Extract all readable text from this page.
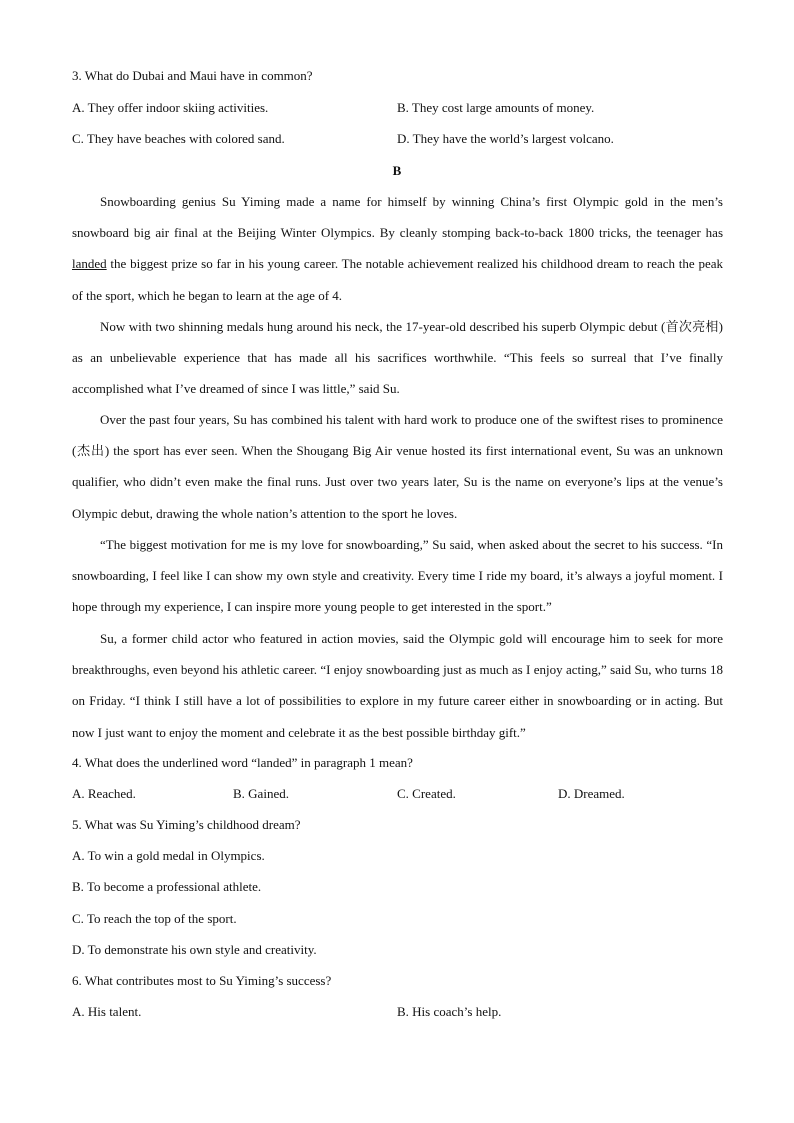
3. What do Dubai and Maui have in common?
A. They offer indoor skiing activities.	B. They cost large amounts of money.
C. They have beaches with colored sand.	D. They have the world’s largest volcano.
B

Snowboarding genius Su Yiming made a name for himself by winning China’s first Olympic gold in the men’s snowboard big air final at the Beijing Winter Olympics. By cleanly stomping back-to-back 1800 tricks, the teenager has landed the biggest prize so far in his young career. The notable achievement realized his childhood dream to reach the peak of the sport, which he began to learn at the age of 4.

Now with two shinning medals hung around his neck, the 17-year-old described his superb Olympic debut (首次亮相) as an unbelievable experience that has made all his sacrifices worthwhile. “This feels so surreal that I’ve finally accomplished what I’ve dreamed of since I was little,” said Su.

Over the past four years, Su has combined his talent with hard work to produce one of the swiftest rises to prominence (杰出) the sport has ever seen. When the Shougang Big Air venue hosted its first international event, Su was an unknown qualifier, who didn’t even make the final runs. Just over two years later, Su is the name on everyone’s lips at the venue’s Olympic debut, drawing the whole nation’s attention to the sport he loves.

“The biggest motivation for me is my love for snowboarding,” Su said, when asked about the secret to his success. “In snowboarding, I feel like I can show my own style and creativity. Every time I ride my board, it’s always a joyful moment. I hope through my experience, I can inspire more young people to get interested in the sport.”

Su, a former child actor who featured in action movies, said the Olympic gold will encourage him to seek for more breakthroughs, even beyond his athletic career. “I enjoy snowboarding just as much as I enjoy acting,” said Su, who turns 18 on Friday. “I think I still have a lot of possibilities to explore in my future career either in snowboarding or in acting. But now I just want to enjoy the moment and celebrate it as the best possible birthday gift.”

4. What does the underlined word “landed” in paragraph 1 mean?
A. Reached.	B. Gained.	C. Created.	D. Dreamed.
5. What was Su Yiming’s childhood dream?
A. To win a gold medal in Olympics.
B. To become a professional athlete.
C. To reach the top of the sport.
D. To demonstrate his own style and creativity.
6. What contributes most to Su Yiming’s success?
A. His talent.	B. His coach’s help.
